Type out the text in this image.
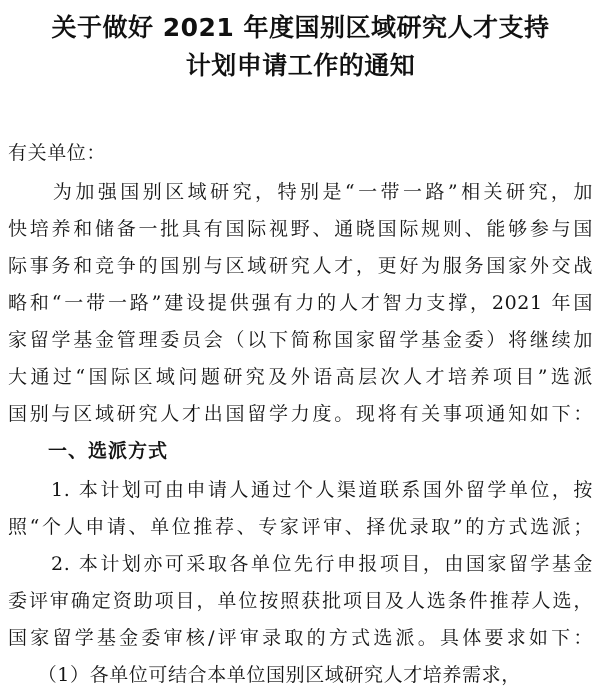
关于做好 2021 年度国别区域研究人才支持
计划申请工作的通知

有关单位：

　　为加强国别区域研究，特别是“一带一路”相关研究，加

快培养和储备一批具有国际视野、通晓国际规则、能够参与国

际事务和竞争的国别与区域研究人才，更好为服务国家外交战

略和“一带一路”建设提供强有力的人才智力支撑，2021 年国

家留学基金管理委员会（以下简称国家留学基金委）将继续加

大通过“国际区域问题研究及外语高层次人才培养项目”选派

国别与区域研究人才出国留学力度。现将有关事项通知如下：

　　一、选派方式

　　1. 本计划可由申请人通过个人渠道联系国外留学单位，按

照“个人申请、单位推荐、专家评审、择优录取”的方式选派；

　　2. 本计划亦可采取各单位先行申报项目，由国家留学基金

委评审确定资助项目，单位按照获批项目及人选条件推荐人选，

国家留学基金委审核/评审录取的方式选派。具体要求如下：

　　（1）各单位可结合本单位国别区域研究人才培养需求，
